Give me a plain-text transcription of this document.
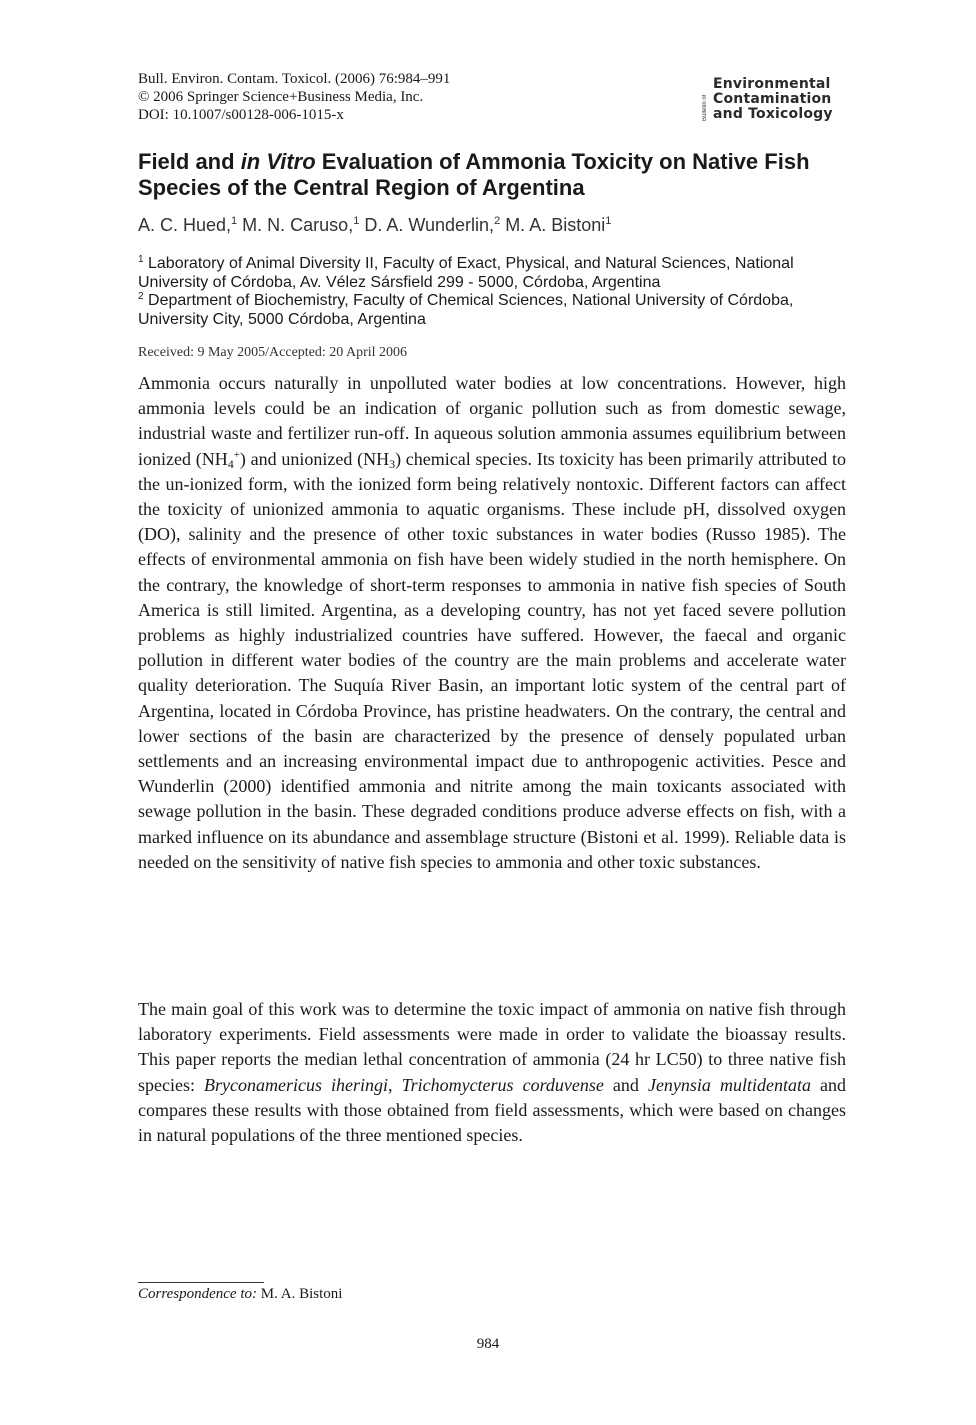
Bull. Environ. Contam. Toxicol. (2006) 76:984–991
© 2006 Springer Science+Business Media, Inc.
DOI: 10.1007/s00128-006-1015-x	Bulletin of
Environmental
Contamination
and Toxicology
Field and in Vitro Evaluation of Ammonia Toxicity on Native Fish Species of the Central Region of Argentina
A. C. Hued,$^1$ M. N. Caruso,$^1$ D. A. Wunderlin,$^2$ M. A. Bistoni$^1$

$^1$ Laboratory of Animal Diversity II, Faculty of Exact, Physical, and Natural Sciences, National University of Córdoba, Av. Vélez Sársfield 299 - 5000, Córdoba, Argentina

$^2$ Department of Biochemistry, Faculty of Chemical Sciences, National University of Córdoba, University City, 5000 Córdoba, Argentina

Received: 9 May 2005/Accepted: 20 April 2006

Ammonia occurs naturally in unpolluted water bodies at low concentrations. However, high ammonia levels could be an indication of organic pollution such as from domestic sewage, industrial waste and fertilizer run-off. In aqueous solution ammonia assumes equilibrium between ionized $(NH_4^+)$ and unionized $(NH_3)$ chemical species. Its toxicity has been primarily attributed to the un-ionized form, with the ionized form being relatively nontoxic. Different factors can affect the toxicity of unionized ammonia to aquatic organisms. These include pH, dissolved oxygen (DO), salinity and the presence of other toxic substances in water bodies (Russo 1985). The effects of environmental ammonia on fish have been widely studied in the north hemisphere. On the contrary, the knowledge of short-term responses to ammonia in native fish species of South America is still limited. Argentina, as a developing country, has not yet faced severe pollution problems as highly industrialized countries have suffered. However, the faecal and organic pollution in different water bodies of the country are the main problems and accelerate water quality deterioration. The Suquía River Basin, an important lotic system of the central part of Argentina, located in Córdoba Province, has pristine headwaters. On the contrary, the central and lower sections of the basin are characterized by the presence of densely populated urban settlements and an increasing environmental impact due to anthropogenic activities. Pesce and Wunderlin (2000) identified ammonia and nitrite among the main toxicants associated with sewage pollution in the basin. These degraded conditions produce adverse effects on fish, with a marked influence on its abundance and assemblage structure (Bistoni et al. 1999). Reliable data is needed on the sensitivity of native fish species to ammonia and other toxic substances.

The main goal of this work was to determine the toxic impact of ammonia on native fish through laboratory experiments. Field assessments were made in order to validate the bioassay results. This paper reports the median lethal concentration of ammonia (24 hr LC50) to three native fish species: Bryconamericus iheringi, Trichomycterus corduvense and Jenynsia multidentata and compares these results with those obtained from field assessments, which were based on changes in natural populations of the three mentioned species.

Correspondence to: M. A. Bistoni
984
